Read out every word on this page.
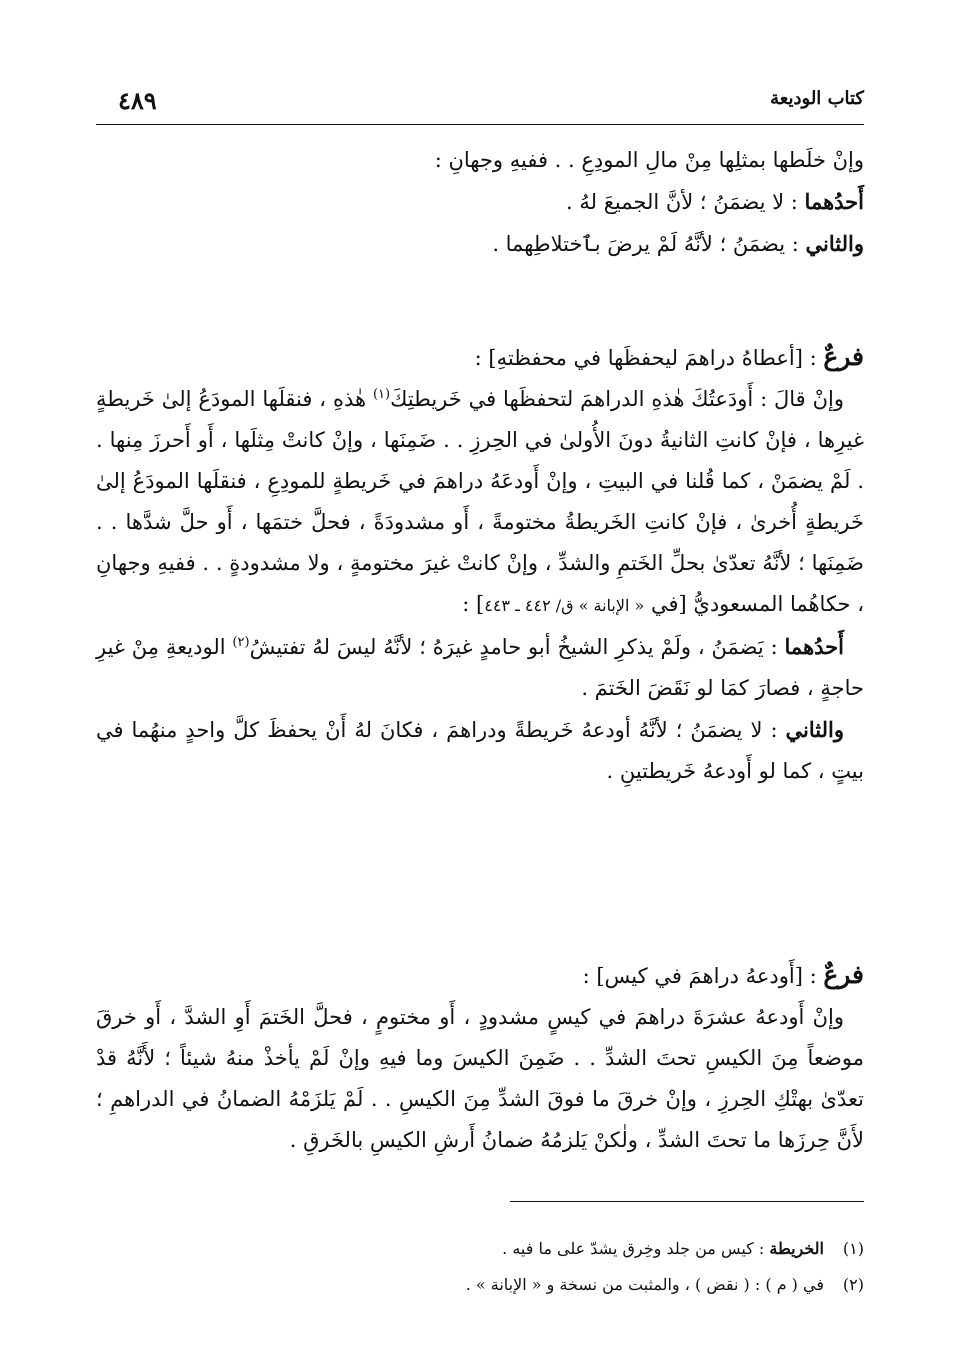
كتاب الوديعة
٤٨٩
وإنْ خلَطها بمثلِها مِنْ مالِ المودِعِ . . ففيهِ وجهانِ :
أَحدُهما : لا يضمَنُ ؛ لأنَّ الجميعَ لهُ .
والثاني : يضمَنُ ؛ لأنَّهُ لَمْ يرضَ بٱختلاطِهما .
فرعٌ : [أعطاهُ دراهمَ ليحفظَها في محفظتهِ] :
وإنْ قالَ : أَودَعتُكَ هٰذهِ الدراهمَ لتحفظَها في خَريطتِكَ$^{(١)}$ هٰذهِ ، فنقلَها المودَعُ إلىٰ خَريطةٍ غيرِها ، فإنْ كانتِ الثانيةُ دونَ الأُولىٰ في الحِرزِ . . ضَمِنَها ، وإنْ كانتْ مِثلَها ، أَو أَحرزَ مِنها . . لَمْ يضمَنْ ، كما قُلنا في البيتِ ، وإنْ أَودعَهُ دراهمَ في خَريطةٍ للمودِعِ ، فنقلَها المودَعُ إلىٰ خَريطةٍ أُخرىٰ ، فإنْ كانتِ الخَريطةُ مختومةً ، أَو مشدودَةً ، فحلَّ ختمَها ، أَو حلَّ شدَّها . . ضَمِنَها ؛ لأنَّهُ تعدّىٰ بحلِّ الخَتمِ والشدِّ ، وإنْ كانتْ غيرَ مختومةٍ ، ولا مشدودةٍ . . ففيهِ وجهانِ ، حكاهُما المسعوديُّ [في « الإبانة » ق/ ٤٤٢ ـ ٤٤٣] :
أَحدُهما : يَضمَنُ ، ولَمْ يذكرِ الشيخُ أبو حامدٍ غيرَهُ ؛ لأنَّهُ ليسَ لهُ تفتيشُ$^{(٢)}$ الوديعةِ مِنْ غيرِ حاجةٍ ، فصارَ كمَا لو نَقَضَ الخَتمَ .
والثاني : لا يضمَنُ ؛ لأنَّهُ أودعهُ خَريطةً ودراهمَ ، فكانَ لهُ أَنْ يحفظَ كلَّ واحدٍ منهُما في بيتٍ ، كما لو أَودعهُ خَريطتينِ .
فرعٌ : [أَودعهُ دراهمَ في كيس] :
وإنْ أَودعهُ عشرَةَ دراهمَ في كيسٍ مشدودٍ ، أَو مختومٍ ، فحلَّ الخَتمَ أَوِ الشدَّ ، أَو خرقَ موضعاً مِنَ الكيسِ تحتَ الشدِّ . . ضَمِنَ الكيسَ وما فيهِ وإنْ لَمْ يأخذْ منهُ شيئاً ؛ لأَنَّهُ قدْ تعدّىٰ بهتْكِ الحِرزِ ، وإنْ خرقَ ما فوقَ الشدِّ مِنَ الكيسِ . . لَمْ يَلزَمْهُ الضمانُ في الدراهمِ ؛ لأَنَّ حِرزَها ما تحتَ الشدِّ ، ولٰكنْ يَلزمُهُ ضمانُ أَرشِ الكيسِ بالخَرقِ .
(١)الخريطة : كيس من جلد وخِرق يشدّ على ما فيه .
(٢)في ( م ) : ( نقض ) ، والمثبت من نسخة و « الإبانة » .
